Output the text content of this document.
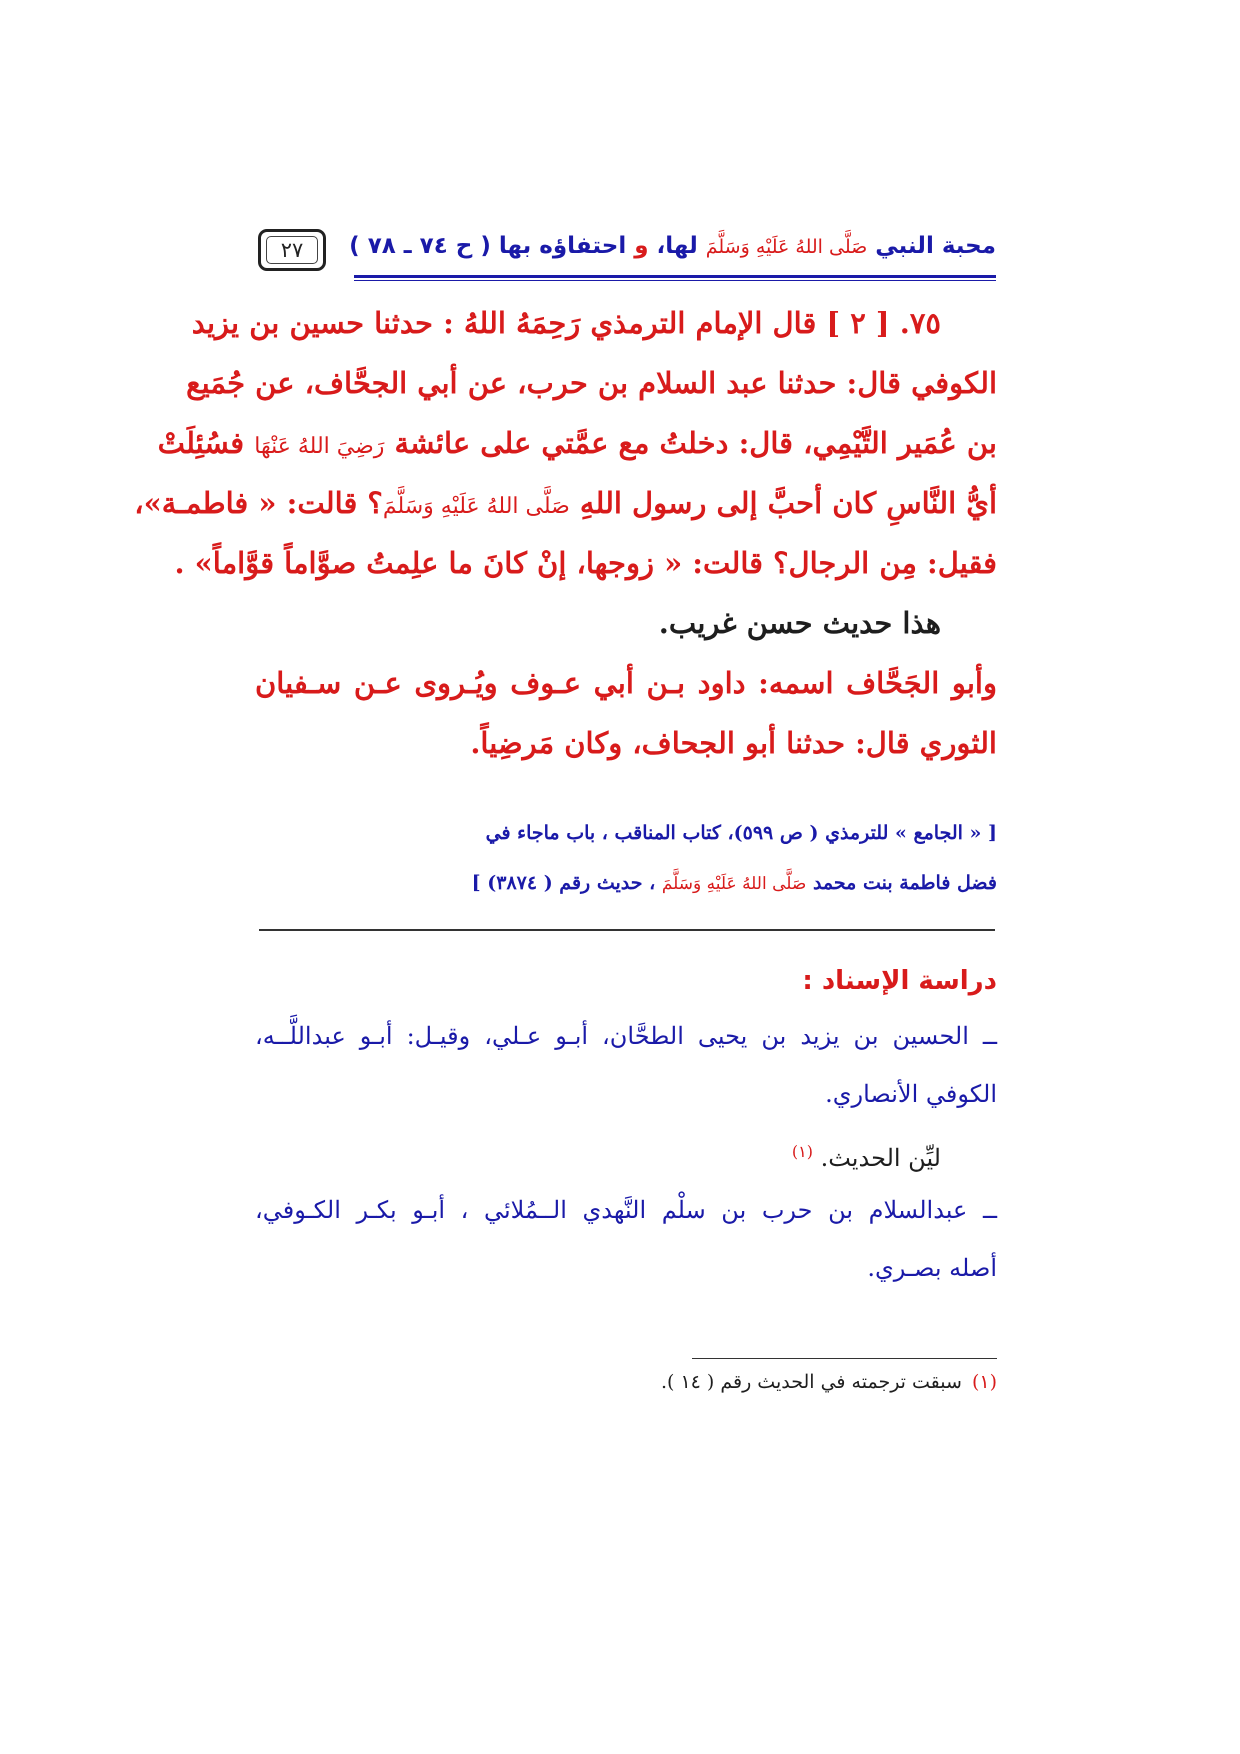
محبة النبي صَلَّى اللهُ عَلَيْهِ وَسَلَّمَ لها، و احتفاؤه بها ( ح ٧٤ ـ ٧٨ )
٢٧
٧٥. [ ٢ ] قال الإمام الترمذي رَحِمَهُ اللهُ : حدثنا حسين بن يزيد
الكوفي قال: حدثنا عبد السلام بن حرب، عن أبي الجحَّاف، عن جُمَيع
بن عُمَير التَّيْمِي، قال: دخلتُ مع عمَّتي على عائشة رَضِيَ اللهُ عَنْهَا فسُئِلَتْ
أيُّ النَّاسِ كان أحبَّ إلى رسول اللهِ صَلَّى اللهُ عَلَيْهِ وَسَلَّمَ؟ قالت: « فاطمـة»،
فقيل: مِن الرجال؟ قالت: « زوجها، إنْ كانَ ما علِمتُ صوَّاماً قوَّاماً» .
هذا حديث حسن غريب.
وأبو الجَحَّاف اسمه: داود بـن أبي عـوف ويُـروى عـن سـفيان
الثوري قال: حدثنا أبو الجحاف، وكان مَرضِياً.
[ « الجامع » للترمذي ( ص ٥٩٩)، كتاب المناقب ، باب ماجاء في
فضل فاطمة بنت محمد صَلَّى اللهُ عَلَيْهِ وَسَلَّمَ ، حديث رقم ( ٣٨٧٤) ]
دراسة الإسناد :
ــ الحسين بن يزيد بن يحيى الطحَّان، أبـو عـلي، وقيـل: أبـو عبداللَّــه،
الكوفي الأنصاري.
ليِّن الحديث. $^{(١)}$
ــ عبدالسلام بن حرب بن سلْم النَّهدي الــمُلائي ، أبـو بكـر الكـوفي،
أصله بصـري.
(١)سبقت ترجمته في الحديث رقم ( ١٤ ).
